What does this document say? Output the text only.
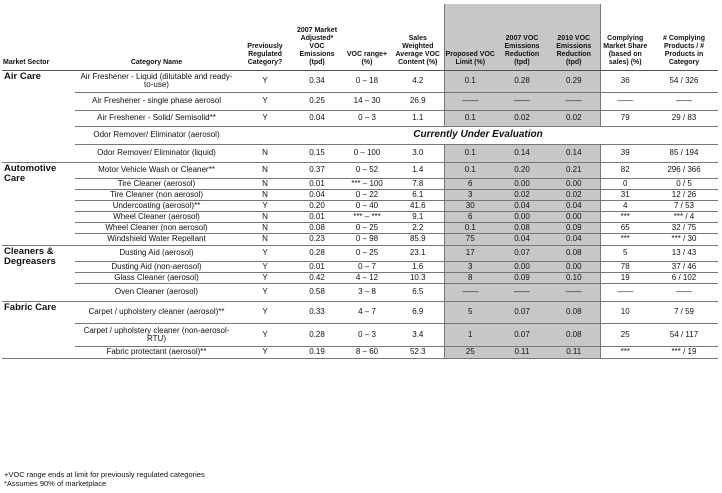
Market Sector	Category Name	Previously Regulated Category?	2007 Market Adjusted* VOC Emissions (tpd)	VOC range+ (%)	Sales Weighted Average VOC Content (%)	Proposed VOC Limit (%)	2007 VOC Emissions Reduction (tpd)	2010 VOC Emissions Reduction (tpd)	Complying Market Share (based on sales) (%)	# Complying Products / # Products in Category
Air Care	Air Freshener - Liquid (dilutable and ready-to-use)	Y	0.34	0 – 18	4.2	0.1	0.28	0.29	36	54 / 326
	Air Freshener - single phase aerosol	Y	0.25	14 – 30	26.9	——	——	——	——	——
	Air Freshener - Solid/ Semisolid**	Y	0.04	0 – 3	1.1	0.1	0.02	0.02	79	29 / 83
	Odor Remover/ Eliminator (aerosol)	Currently Under Evaluation								
	Odor Remover/ Eliminator (liquid)	N	0.15	0 – 100	3.0	0.1	0.14	0.14	39	85 / 194
Automotive Care	Motor Vehicle Wash or Cleaner**	N	0.37	0 – 52	1.4	0.1	0.20	0.21	82	296 / 366
	Tire Cleaner (aerosol)	N	0.01	*** – 100	7.8	6	0.00	0.00	0	0 / 5
	Tire Cleaner (non aerosol)	N	0.04	0 – 22	6.1	3	0.02	0.02	31	12 / 26
	Undercoating (aerosol)**	Y	0.20	0 – 40	41.6	30	0.04	0.04	4	7 / 53
	Wheel Cleaner (aerosol)	N	0.01	*** – ***	9.1	6	0.00	0.00	***	*** / 4
	Wheel Cleaner (non aerosol)	N	0.08	0 – 25	2.2	0.1	0.08	0.09	65	32 / 75
	Windshield Water Repellant	N	0.23	0 – 98	85.9	75	0.04	0.04	***	*** / 30
Cleaners & Degreasers	Dusting Aid (aerosol)	Y	0.28	0 – 25	23.1	17	0.07	0.08	5	13 / 43
	Dusting Aid (non-aerosol)	Y	0.01	0 – 7	1.6	3	0.00	0.00	78	37 / 46
	Glass Cleaner (aerosol)	Y	0.42	4 – 12	10.3	8	0.09	0.10	19	6 / 102
	Oven Cleaner (aerosol)	Y	0.58	3 – 8	6.5	——	——	——	——	——
Fabric Care	Carpet / upholstery cleaner (aerosol)**	Y	0.33	4 – 7	6.9	5	0.07	0.08	10	7 / 59
	Carpet / upholstery cleaner (non-aerosol-RTU)	Y	0.28	0 – 3	3.4	1	0.07	0.08	25	54 / 117
	Fabric protectant (aerosol)**	Y	0.19	8 – 60	52.3	25	0.11	0.11	***	*** / 19
+VOC range ends at limit for previously regulated categories
*Assumes 90% of marketplace
